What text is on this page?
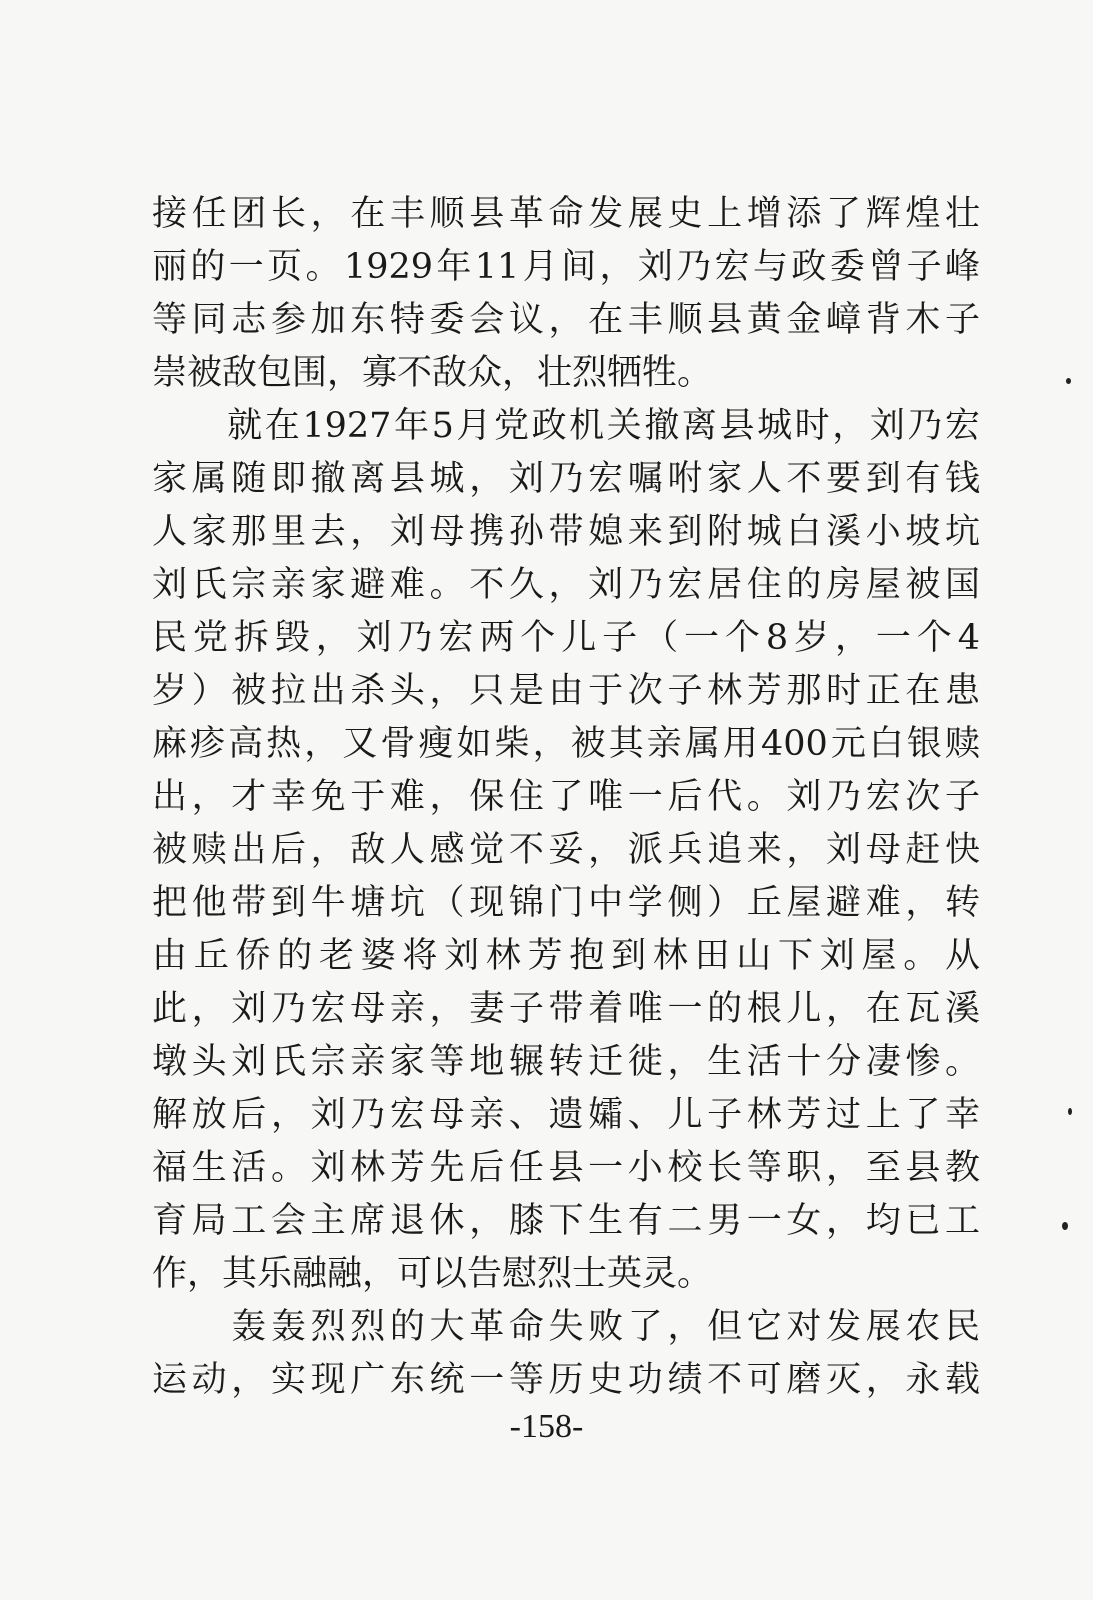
接任团长，在丰顺县革命发展史上增添了辉煌壮
丽的一页。1929年11月间，刘乃宏与政委曾子峰
等同志参加东特委会议，在丰顺县黄金嶂背木子
崇被敌包围，寡不敌众，壮烈牺牲。
　　就在1927年5月党政机关撤离县城时，刘乃宏
家属随即撤离县城，刘乃宏嘱咐家人不要到有钱
人家那里去，刘母携孙带媳来到附城白溪小坡坑
刘氏宗亲家避难。不久，刘乃宏居住的房屋被国
民党拆毁，刘乃宏两个儿子（一个8岁，一个4
岁）被拉出杀头，只是由于次子林芳那时正在患
麻疹高热，又骨瘦如柴，被其亲属用400元白银赎
出，才幸免于难，保住了唯一后代。刘乃宏次子
被赎出后，敌人感觉不妥，派兵追来，刘母赶快
把他带到牛塘坑（现锦门中学侧）丘屋避难，转
由丘侨的老婆将刘林芳抱到林田山下刘屋。从
此，刘乃宏母亲，妻子带着唯一的根儿，在瓦溪
墩头刘氏宗亲家等地辗转迁徙，生活十分凄惨。
解放后，刘乃宏母亲、遗孀、儿子林芳过上了幸
福生活。刘林芳先后任县一小校长等职，至县教
育局工会主席退休，膝下生有二男一女，均已工
作，其乐融融，可以告慰烈士英灵。
　　轰轰烈烈的大革命失败了，但它对发展农民
运动，实现广东统一等历史功绩不可磨灭，永载
-158-
